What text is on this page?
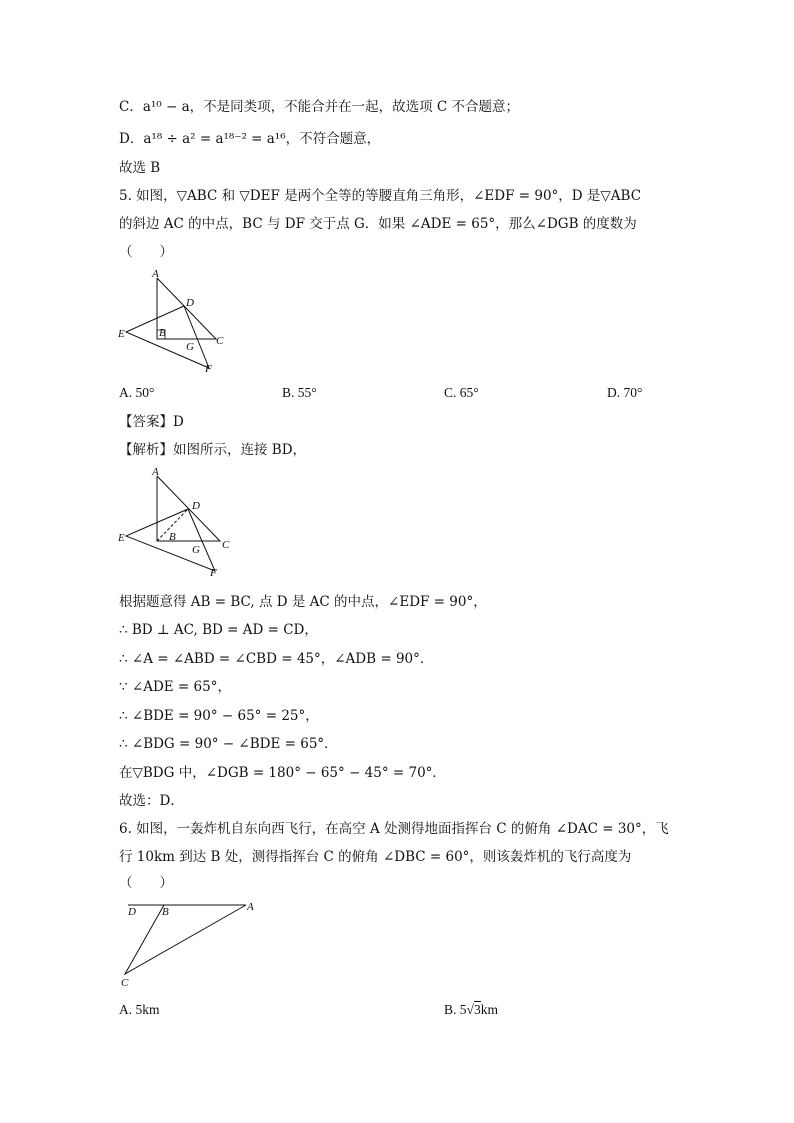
C．a¹⁰ − a，不是同类项，不能合并在一起，故选项 C 不合题意；
D．a¹⁸ ÷ a² = a¹⁸⁻² = a¹⁶，不符合题意，
故选 B
5. 如图，▽ABC 和 ▽DEF 是两个全等的等腰直角三角形，∠EDF = 90°，D 是▽ABC
的斜边 AC 的中点，BC 与 DF 交于点 G．如果 ∠ADE = 65°，那么∠DGB 的度数为
（　　）
A
D
E	B
G C
F
A. 50°	B. 55°	C. 65°	D. 70°
【答案】D
【解析】如图所示，连接 BD，
A
D
E	B
G C
F
根据题意得 AB = BC, 点 D 是 AC 的中点，∠EDF = 90°，
∴ BD ⊥ AC, BD = AD = CD，
∴ ∠A = ∠ABD = ∠CBD = 45°，∠ADB = 90°．
∵ ∠ADE = 65°，
∴ ∠BDE = 90° − 65° = 25°，
∴ ∠BDG = 90° − ∠BDE = 65°．
在▽BDG 中，∠DGB = 180° − 65° − 45° = 70°．
故选：D．
6. 如图，一轰炸机自东向西飞行，在高空 A 处测得地面指挥台 C 的俯角 ∠DAC = 30°，飞
行 10km 到达 B 处，测得指挥台 C 的俯角 ∠DBC = 60°，则该轰炸机的飞行高度为
（　　）
D B	A
C
A. 5km	B. 5√3km
